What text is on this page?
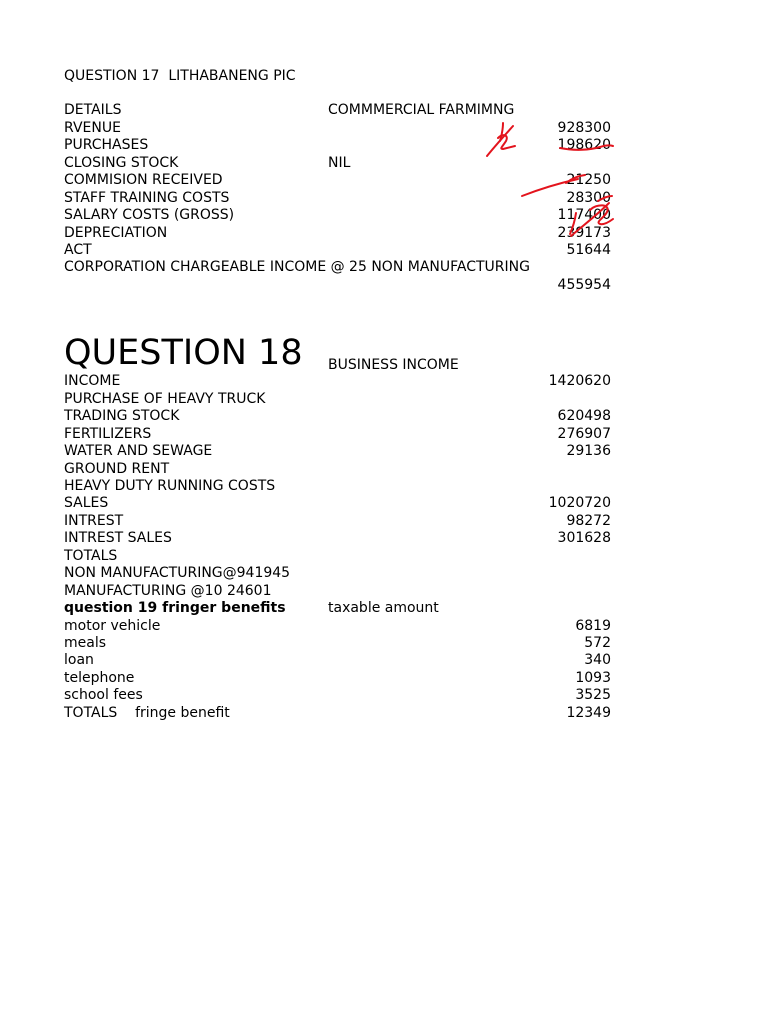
QUESTION 17  LITHABANENG PIC

DETAILS	COMMMERCIAL FARMIMNG
RVENUE	928300
PURCHASES	198620
CLOSING STOCK	NIL
COMMISION RECEIVED	21250
STAFF TRAINING COSTS	28300
SALARY COSTS (GROSS)	117400
DEPRECIATION	239173
ACT	51644
CORPORATION CHARGEABLE INCOME @ 25 NON MANUFACTURING
455954

QUESTION 18

BUSINESS INCOME

INCOME	1420620
PURCHASE OF HEAVY TRUCK
TRADING STOCK	620498
FERTILIZERS	276907
WATER AND SEWAGE	29136
GROUND RENT
HEAVY DUTY RUNNING COSTS
SALES	1020720
INTREST	98272
INTREST SALES	301628
TOTALS
NON MANUFACTURING@941945
MANUFACTURING @10 24601

question 19 fringer benefits

	taxable amount

motor vehicle	6819
meals	572
loan	340
telephone	1093
school fees	3525
TOTALS    fringe benefit	12349
